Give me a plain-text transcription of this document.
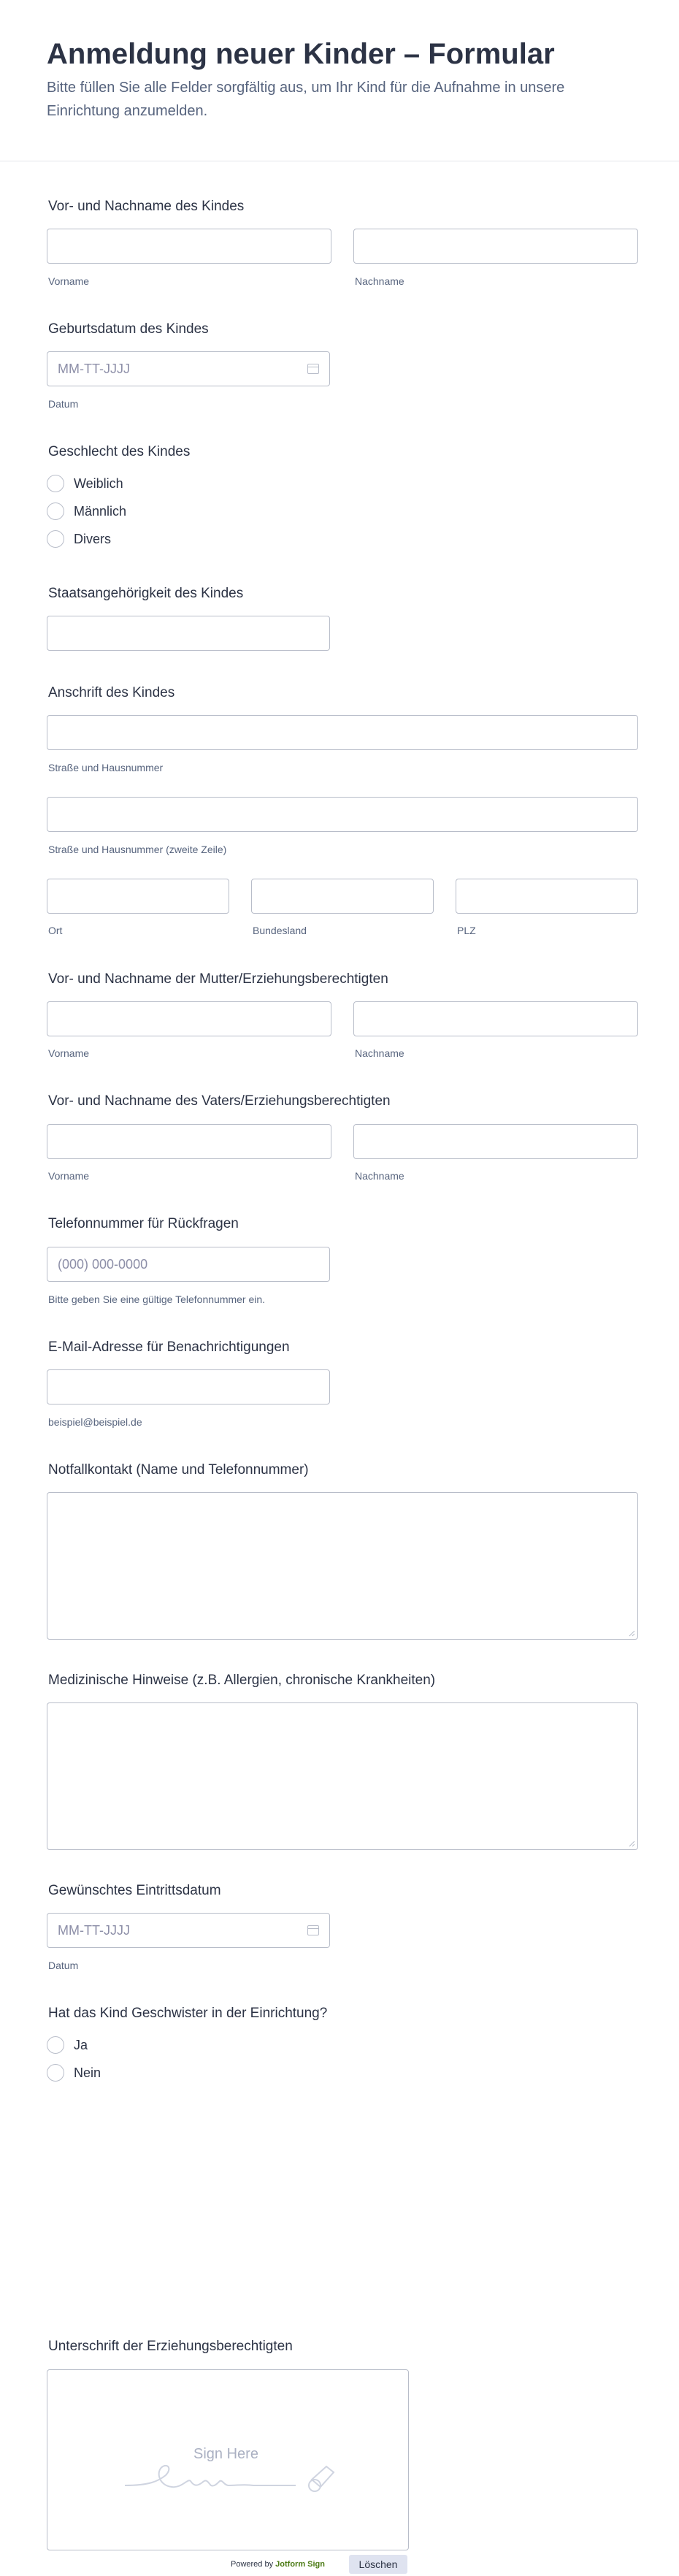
Anmeldung neuer Kinder – Formular

Bitte füllen Sie alle Felder sorgfältig aus, um Ihr Kind für die Aufnahme in unsere Einrichtung anzumelden.

Vor- und Nachname des Kindes
Vorname	Nachname
Geburtsdatum des Kindes
MM-TT-JJJJ
Datum
Geschlecht des Kindes
Weiblich
Männlich
Divers
Staatsangehörigkeit des Kindes
Anschrift des Kindes
Straße und Hausnummer
Straße und Hausnummer (zweite Zeile)
Ort	Bundesland	PLZ
Vor- und Nachname der Mutter/Erziehungsberechtigten
Vorname	Nachname
Vor- und Nachname des Vaters/Erziehungsberechtigten
Vorname	Nachname
Telefonnummer für Rückfragen
(000) 000-0000
Bitte geben Sie eine gültige Telefonnummer ein.
E-Mail-Adresse für Benachrichtigungen
beispiel@beispiel.de
Notfallkontakt (Name und Telefonnummer)
Medizinische Hinweise (z.B. Allergien, chronische Krankheiten)
Gewünschtes Eintrittsdatum
MM-TT-JJJJ
Datum
Hat das Kind Geschwister in der Einrichtung?
Ja
Nein
Unterschrift der Erziehungsberechtigten
Sign Here
Powered by Jotform Sign	Löschen
